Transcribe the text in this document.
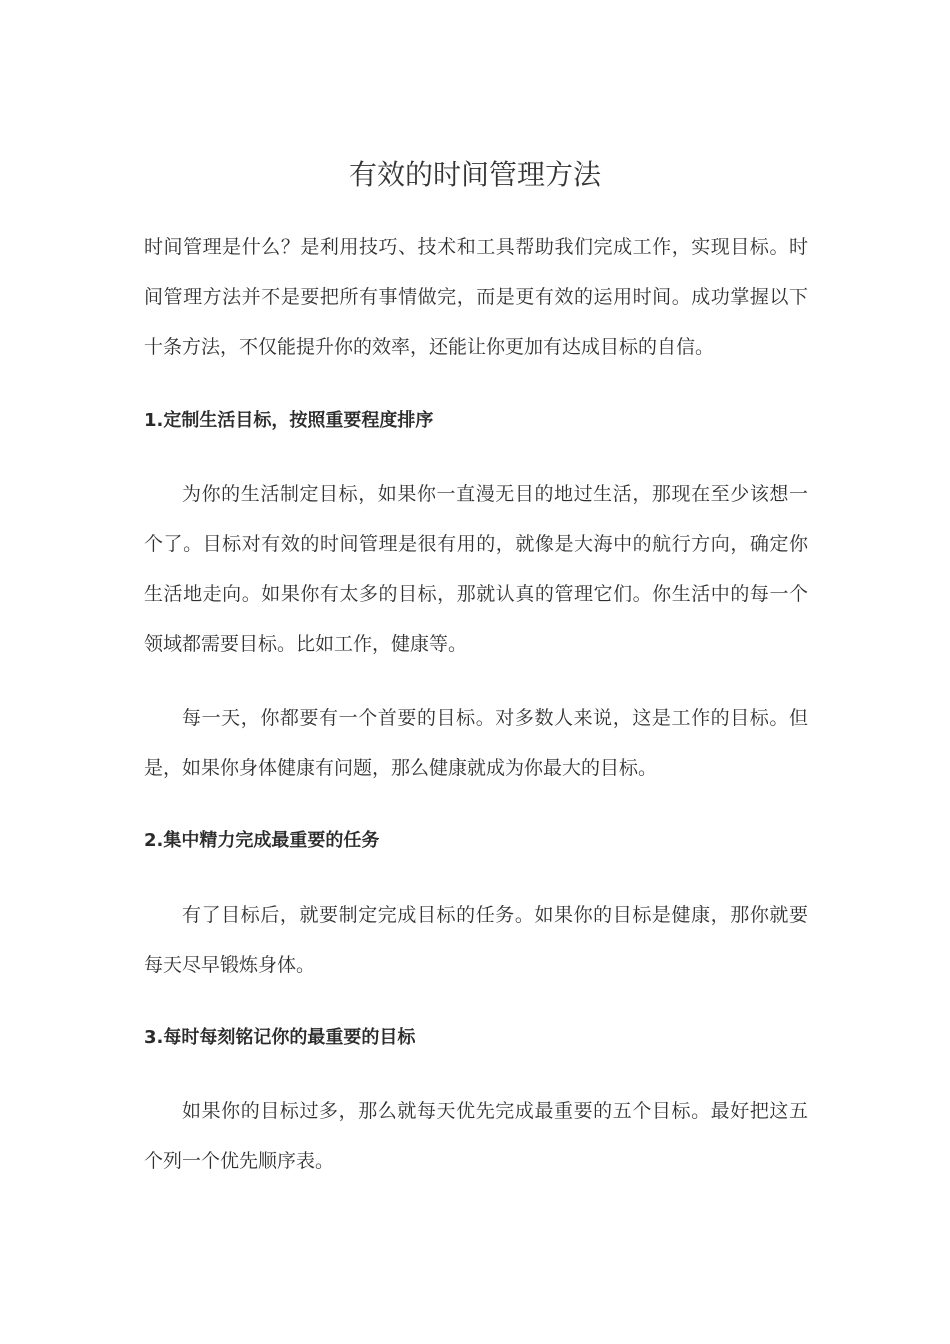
有效的时间管理方法

时间管理是什么？是利用技巧、技术和工具帮助我们完成工作，实现目标。时间管理方法并不是要把所有事情做完，而是更有效的运用时间。成功掌握以下十条方法，不仅能提升你的效率，还能让你更加有达成目标的自信。

1.定制生活目标，按照重要程度排序

为你的生活制定目标，如果你一直漫无目的地过生活，那现在至少该想一个了。目标对有效的时间管理是很有用的，就像是大海中的航行方向，确定你生活地走向。如果你有太多的目标，那就认真的管理它们。你生活中的每一个领域都需要目标。比如工作，健康等。

每一天，你都要有一个首要的目标。对多数人来说，这是工作的目标。但是，如果你身体健康有问题，那么健康就成为你最大的目标。

2.集中精力完成最重要的任务

有了目标后，就要制定完成目标的任务。如果你的目标是健康，那你就要每天尽早锻炼身体。

3.每时每刻铭记你的最重要的目标

如果你的目标过多，那么就每天优先完成最重要的五个目标。最好把这五个列一个优先顺序表。
